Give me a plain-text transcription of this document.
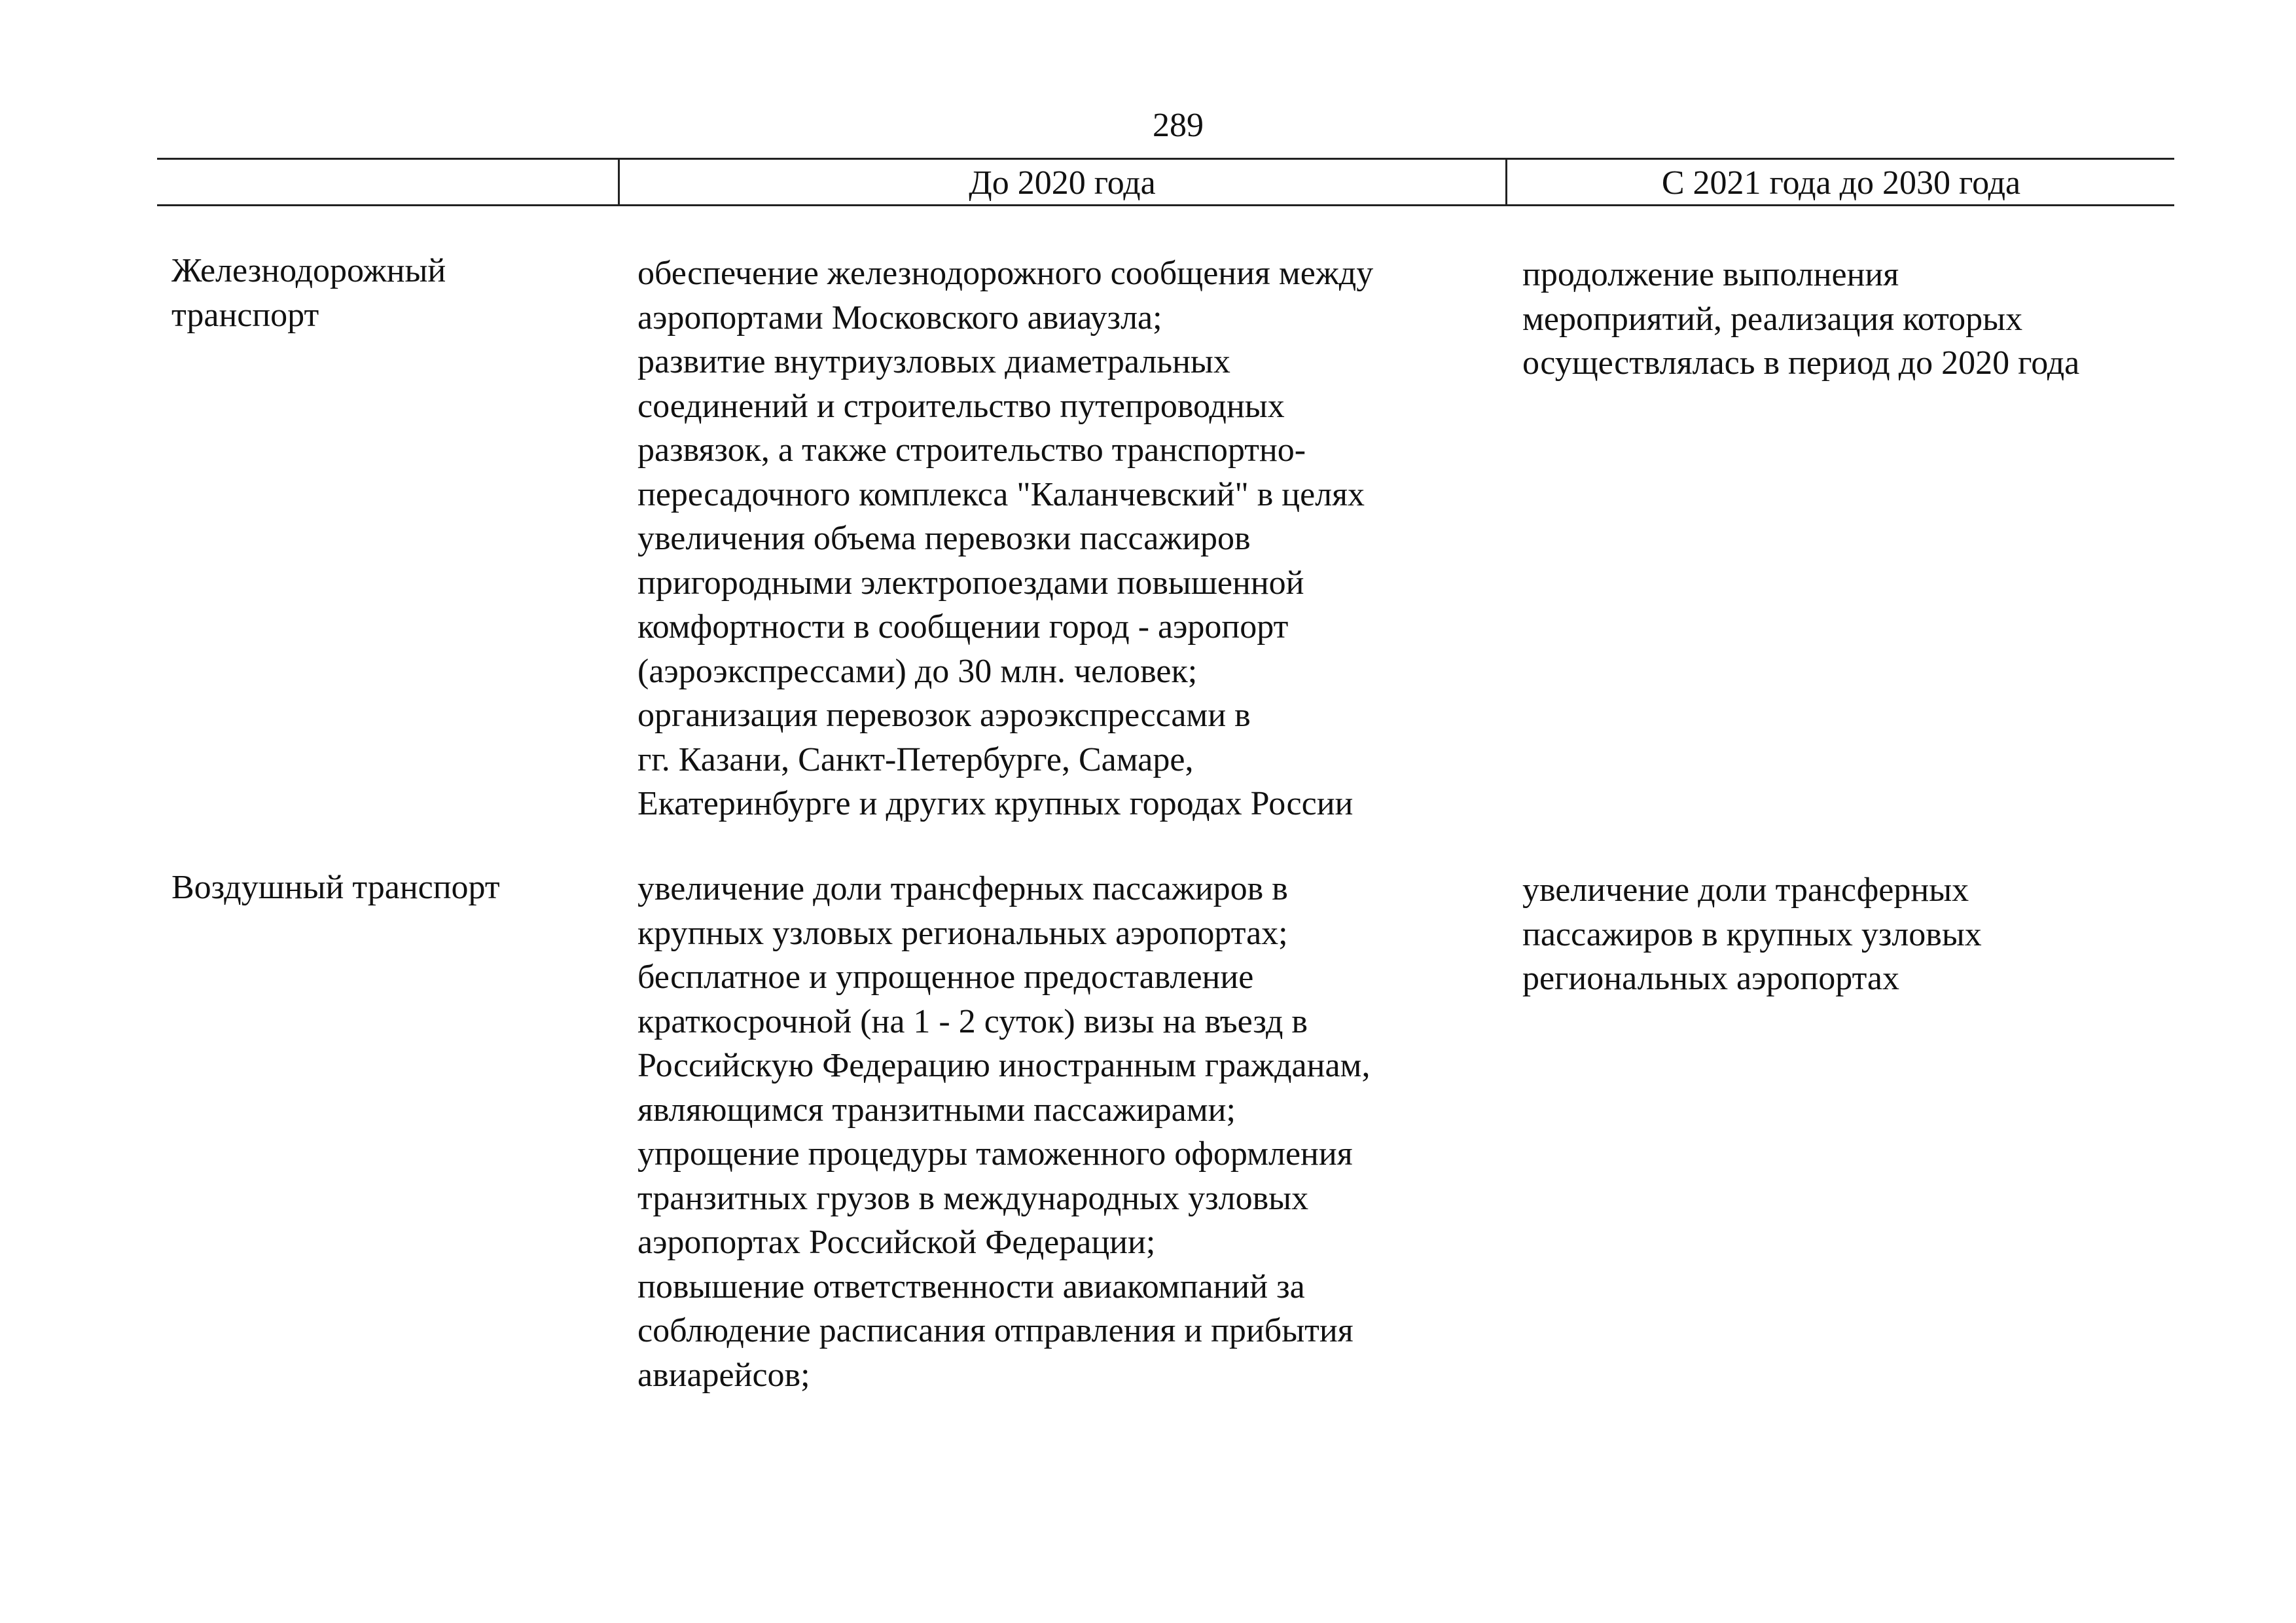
289
До 2020 года	С 2021 года до 2030 года
Железнодорожный
транспорт
обеспечение железнодорожного сообщения между
аэропортами Московского авиаузла;
развитие внутриузловых диаметральных
соединений и строительство путепроводных
развязок, а также строительство транспортно-
пересадочного комплекса "Каланчевский" в целях
увеличения объема перевозки пассажиров
пригородными электропоездами повышенной
комфортности в сообщении город - аэропорт
(аэроэкспрессами) до 30 млн. человек;
организация перевозок аэроэкспрессами в
гг. Казани, Санкт-Петербурге, Самаре,
Екатеринбурге и других крупных городах России
продолжение выполнения
мероприятий, реализация которых
осуществлялась в период до 2020 года
Воздушный транспорт	увеличение доли трансферных пассажиров в
крупных узловых региональных аэропортах;
бесплатное и упрощенное предоставление
краткосрочной (на 1 - 2 суток) визы на въезд в
Российскую Федерацию иностранным гражданам,
являющимся транзитными пассажирами;
упрощение процедуры таможенного оформления
транзитных грузов в международных узловых
аэропортах Российской Федерации;
повышение ответственности авиакомпаний за
соблюдение расписания отправления и прибытия
авиарейсов;
увеличение доли трансферных
пассажиров в крупных узловых
региональных аэропортах
